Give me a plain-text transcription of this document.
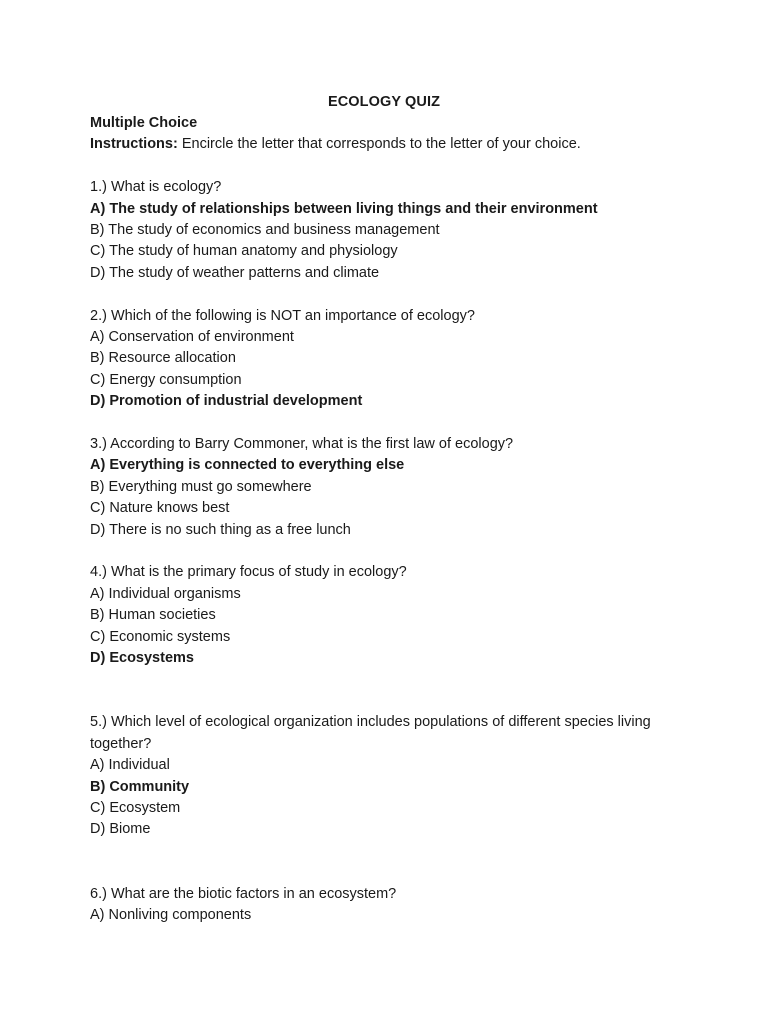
ECOLOGY QUIZ
Multiple Choice
Instructions: Encircle the letter that corresponds to the letter of your choice.
1.) What is ecology?
A) The study of relationships between living things and their environment
B) The study of economics and business management
C) The study of human anatomy and physiology
D) The study of weather patterns and climate
2.) Which of the following is NOT an importance of ecology?
A) Conservation of environment
B) Resource allocation
C) Energy consumption
D) Promotion of industrial development
3.) According to Barry Commoner, what is the first law of ecology?
A) Everything is connected to everything else
B) Everything must go somewhere
C) Nature knows best
D) There is no such thing as a free lunch
4.) What is the primary focus of study in ecology?
A) Individual organisms
B) Human societies
C) Economic systems
D) Ecosystems
5.) Which level of ecological organization includes populations of different species living together?
A) Individual
B) Community
C) Ecosystem
D) Biome
6.) What are the biotic factors in an ecosystem?
A) Nonliving components
